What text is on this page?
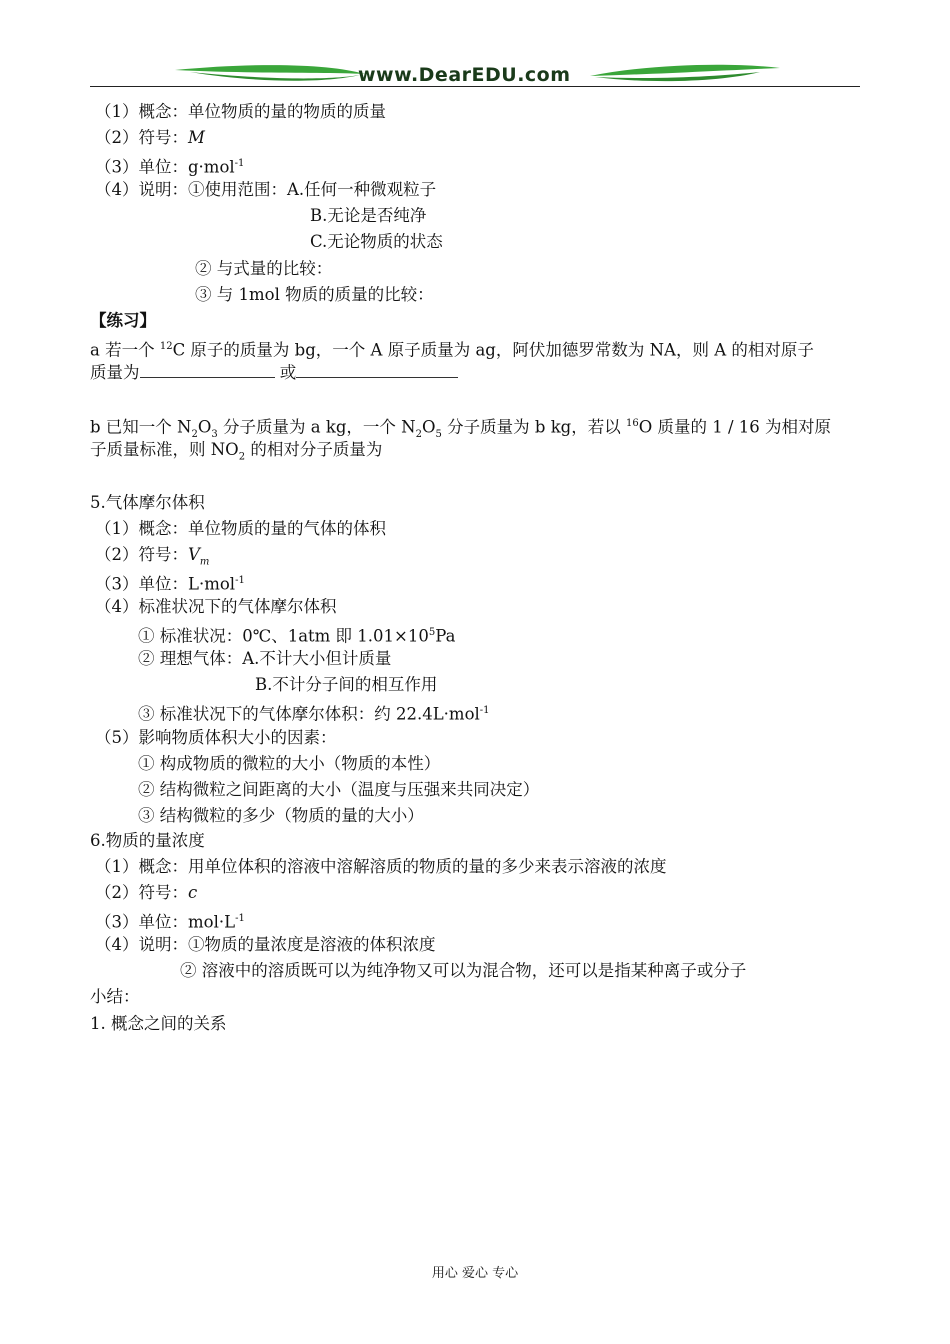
www.DearEDU.com
（1）概念：单位物质的量的物质的质量
（2）符号：M
（3）单位：g·mol$^{-1}$
（4）说明：①使用范围：A.任何一种微观粒子
B.无论是否纯净
C.无论物质的状态
② 与式量的比较：
③ 与 1mol 物质的质量的比较：
【练习】
a 若一个 $^{12}$C 原子的质量为 bg，一个 A 原子质量为 ag，阿伏加德罗常数为 NA，则 A 的相对原子
质量为	或
b 已知一个 $N_2O_3$ 分子质量为 a kg，一个 $N_2O_5$ 分子质量为 b kg，若以 $^{16}$O 质量的 1 / 16 为相对原
子质量标准，则 $NO_2$ 的相对分子质量为
5.气体摩尔体积
（1）概念：单位物质的量的气体的体积
（2）符号：$V_m$
（3）单位：L·mol$^{-1}$
（4）标准状况下的气体摩尔体积
① 标准状况：0℃、1atm 即 $1.01\times 10^5Pa$
② 理想气体：A.不计大小但计质量
B.不计分子间的相互作用
③ 标准状况下的气体摩尔体积：约 22.4L·mol$^{-1}$
（5）影响物质体积大小的因素：
① 构成物质的微粒的大小（物质的本性）
② 结构微粒之间距离的大小（温度与压强来共同决定）
③ 结构微粒的多少（物质的量的大小）
6.物质的量浓度
（1）概念：用单位体积的溶液中溶解溶质的物质的量的多少来表示溶液的浓度
（2）符号：c
（3）单位：$mol\cdot L^{-1}$
（4）说明：①物质的量浓度是溶液的体积浓度
② 溶液中的溶质既可以为纯净物又可以为混合物，还可以是指某种离子或分子
小结：
1. 概念之间的关系
用心 爱心 专心
